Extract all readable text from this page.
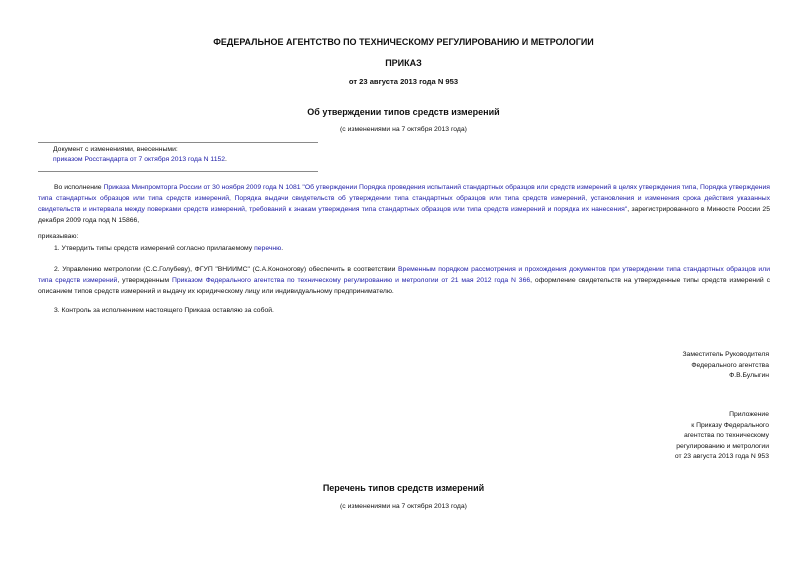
ФЕДЕРАЛЬНОЕ АГЕНТСТВО ПО ТЕХНИЧЕСКОМУ РЕГУЛИРОВАНИЮ И МЕТРОЛОГИИ
ПРИКАЗ
от 23 августа 2013 года N 953
Об утверждении типов средств измерений
(с изменениями на 7 октября 2013 года)
Документ с изменениями, внесенными:
приказом Росстандарта от 7 октября 2013 года N 1152.
Во исполнение Приказа Минпромторга России от 30 ноября 2009 года N 1081 "Об утверждении Порядка проведения испытаний стандартных образцов или средств измерений в целях утверждения типа, Порядка утверждения типа стандартных образцов или типа средств измерений, Порядка выдачи свидетельств об утверждении типа стандартных образцов или типа средств измерений, установления и изменения срока действия указанных свидетельств и интервала между поверками средств измерений, требований к знакам утверждения типа стандартных образцов или типа средств измерений и порядка их нанесения", зарегистрированного в Минюсте России 25 декабря 2009 года под N 15866,
приказываю:
1. Утвердить типы средств измерений согласно прилагаемому перечню.
2. Управлению метрологии (С.С.Голубеву), ФГУП "ВНИИМС" (С.А.Кононогову) обеспечить в соответствии Временным порядком рассмотрения и прохождения документов при утверждении типа стандартных образцов или типа средств измерений, утвержденным Приказом Федерального агентства по техническому регулированию и метрологии от 21 мая 2012 года N 366, оформление свидетельств на утвержденные типы средств измерений с описанием типов средств измерений и выдачу их юридическому лицу или индивидуальному предпринимателю.
3. Контроль за исполнением настоящего Приказа оставляю за собой.
Заместитель Руководителя
Федерального агентства
Ф.В.Булыгин
Приложение
к Приказу Федерального
агентства по техническому
регулированию и метрологии
от 23 августа 2013 года N 953
Перечень типов средств измерений
(с изменениями на 7 октября 2013 года)
